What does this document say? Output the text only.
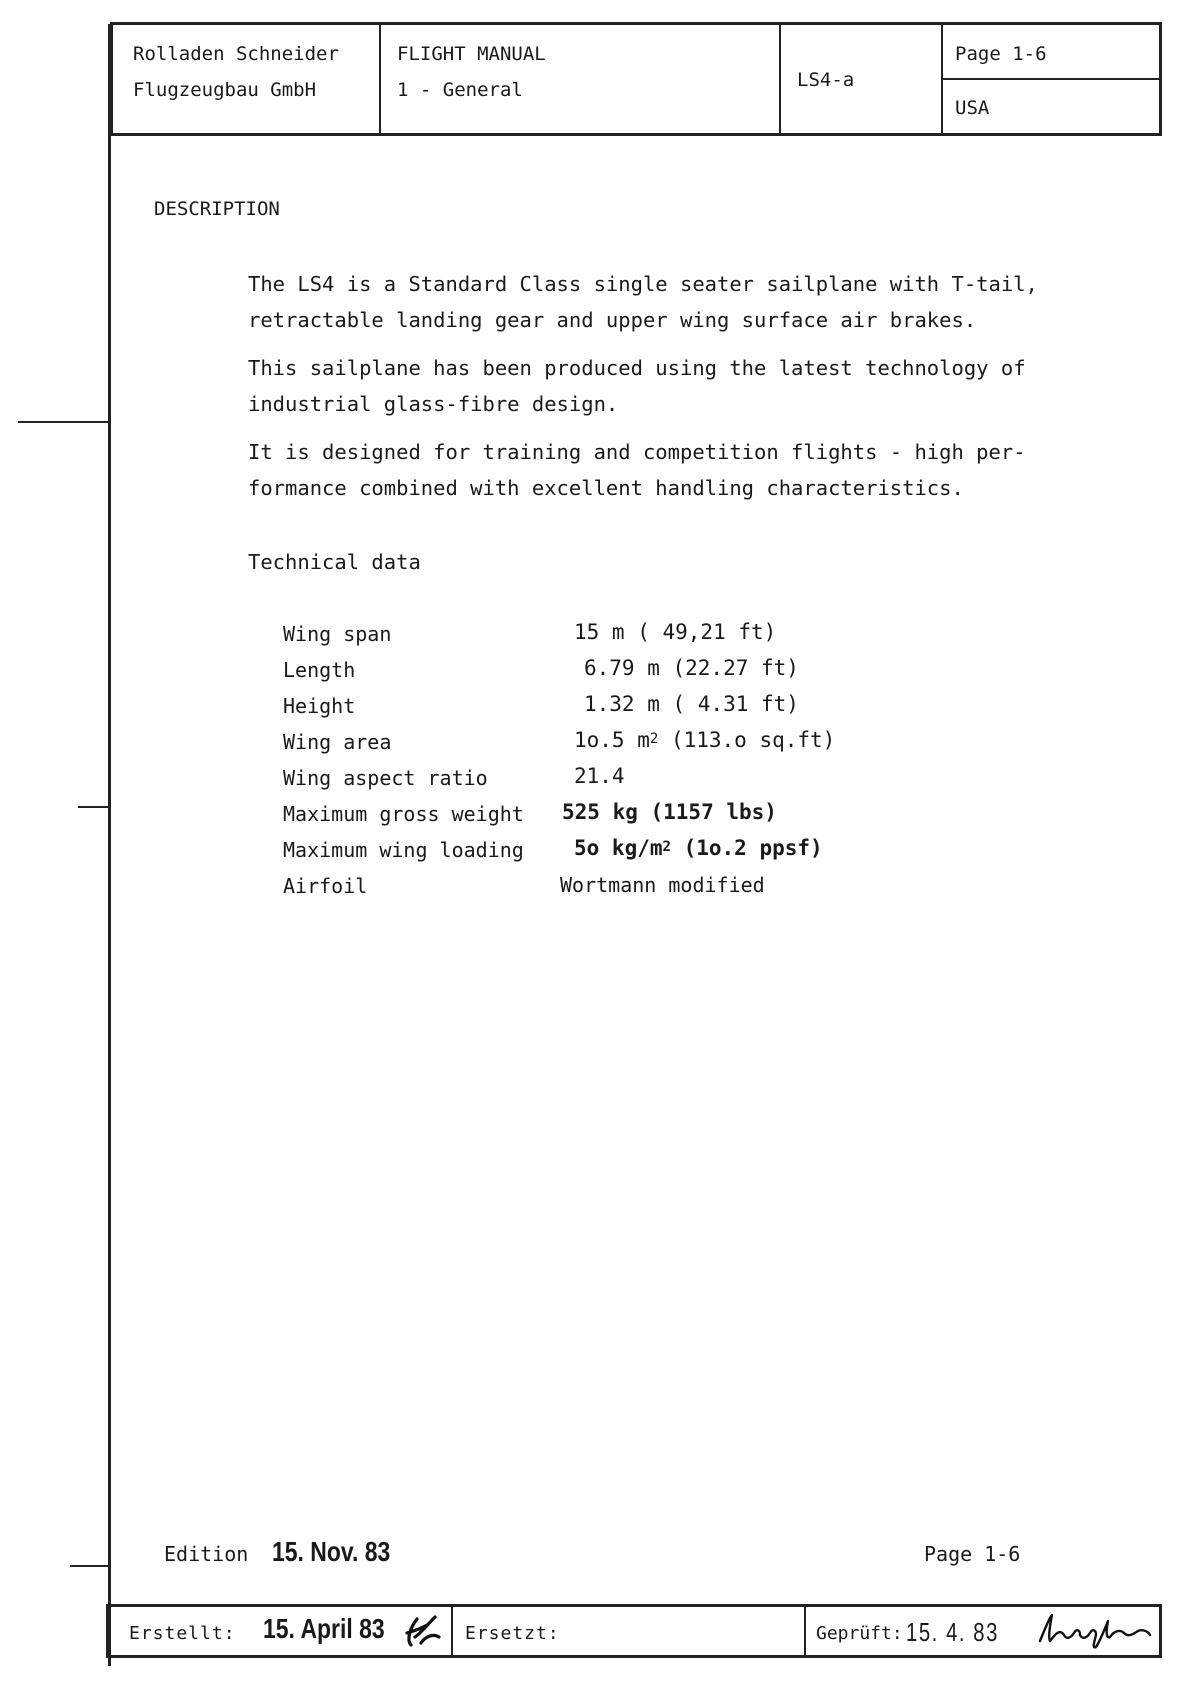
Rolladen Schneider
Flugzeugbau GmbH
FLIGHT MANUAL
1 - General	LS4-a
Page 1-6
USA
DESCRIPTION
The LS4 is a Standard Class single seater sailplane with T-tail,
retractable landing gear and upper wing surface air brakes.
This sailplane has been produced using the latest technology of
industrial glass-fibre design.
It is designed for training and competition flights - high per-
formance combined with excellent handling characteristics.
Technical data
Wing span	15 m ( 49,21 ft)
Length	6.79 m (22.27 ft)
Height	1.32 m ( 4.31 ft)
Wing area	1o.5 $m^2$ (113.o sq.ft)
Wing aspect ratio	21.4
Maximum gross weight 525 kg (1157 lbs)
Maximum wing loading 5o $kg/m^2$ (1o.2 ppsf)
Airfoil	Wortmann modified
Edition 15. Nov. 83	Page 1-6
Erstellt: 15. April 83	Ersetzt:	Geprüft: 15. 4. 83
